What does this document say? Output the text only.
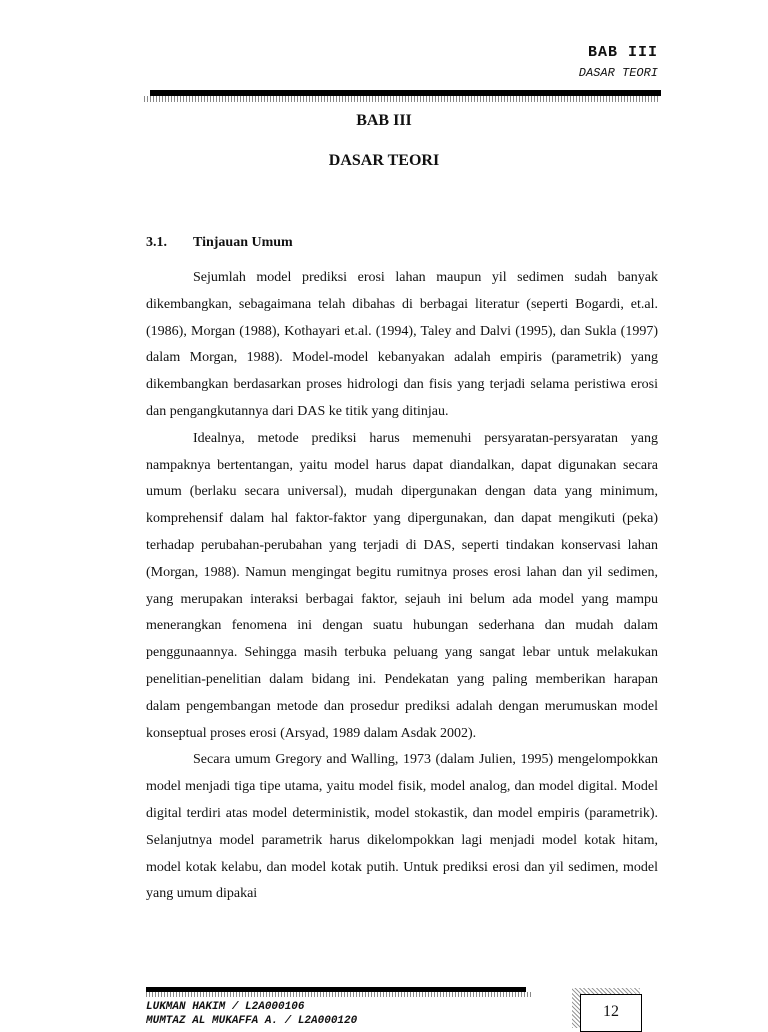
BAB III
DASAR TEORI
BAB III
DASAR TEORI
3.1. Tinjauan Umum

Sejumlah model prediksi erosi lahan maupun yil sedimen sudah banyak dikembangkan, sebagaimana telah dibahas di berbagai literatur (seperti Bogardi, et.al. (1986), Morgan (1988), Kothayari et.al. (1994), Taley and Dalvi (1995), dan Sukla (1997) dalam Morgan, 1988). Model-model kebanyakan adalah empiris (parametrik) yang dikembangkan berdasarkan proses hidrologi dan fisis yang terjadi selama peristiwa erosi dan pengangkutannya dari DAS ke titik yang ditinjau.

Idealnya, metode prediksi harus memenuhi persyaratan-persyaratan yang nampaknya bertentangan, yaitu model harus dapat diandalkan, dapat digunakan secara umum (berlaku secara universal), mudah dipergunakan dengan data yang minimum, komprehensif dalam hal faktor-faktor yang dipergunakan, dan dapat mengikuti (peka) terhadap perubahan-perubahan yang terjadi di DAS, seperti tindakan konservasi lahan (Morgan, 1988). Namun mengingat begitu rumitnya proses erosi lahan dan yil sedimen, yang merupakan interaksi berbagai faktor, sejauh ini belum ada model yang mampu menerangkan fenomena ini dengan suatu hubungan sederhana dan mudah dalam penggunaannya. Sehingga masih terbuka peluang yang sangat lebar untuk melakukan penelitian-penelitian dalam bidang ini. Pendekatan yang paling memberikan harapan dalam pengembangan metode dan prosedur prediksi adalah dengan merumuskan model konseptual proses erosi (Arsyad, 1989 dalam Asdak 2002).

Secara umum Gregory and Walling, 1973 (dalam Julien, 1995) mengelompokkan model menjadi tiga tipe utama, yaitu model fisik, model analog, dan model digital. Model digital terdiri atas model deterministik, model stokastik, dan model empiris (parametrik). Selanjutnya model parametrik harus dikelompokkan lagi menjadi model kotak hitam, model kotak kelabu, dan model kotak putih. Untuk prediksi erosi dan yil sedimen, model yang umum dipakai

LUKMAN HAKIM / L2A000106
MUMTAZ AL MUKAFFA A. / L2A000120
12
